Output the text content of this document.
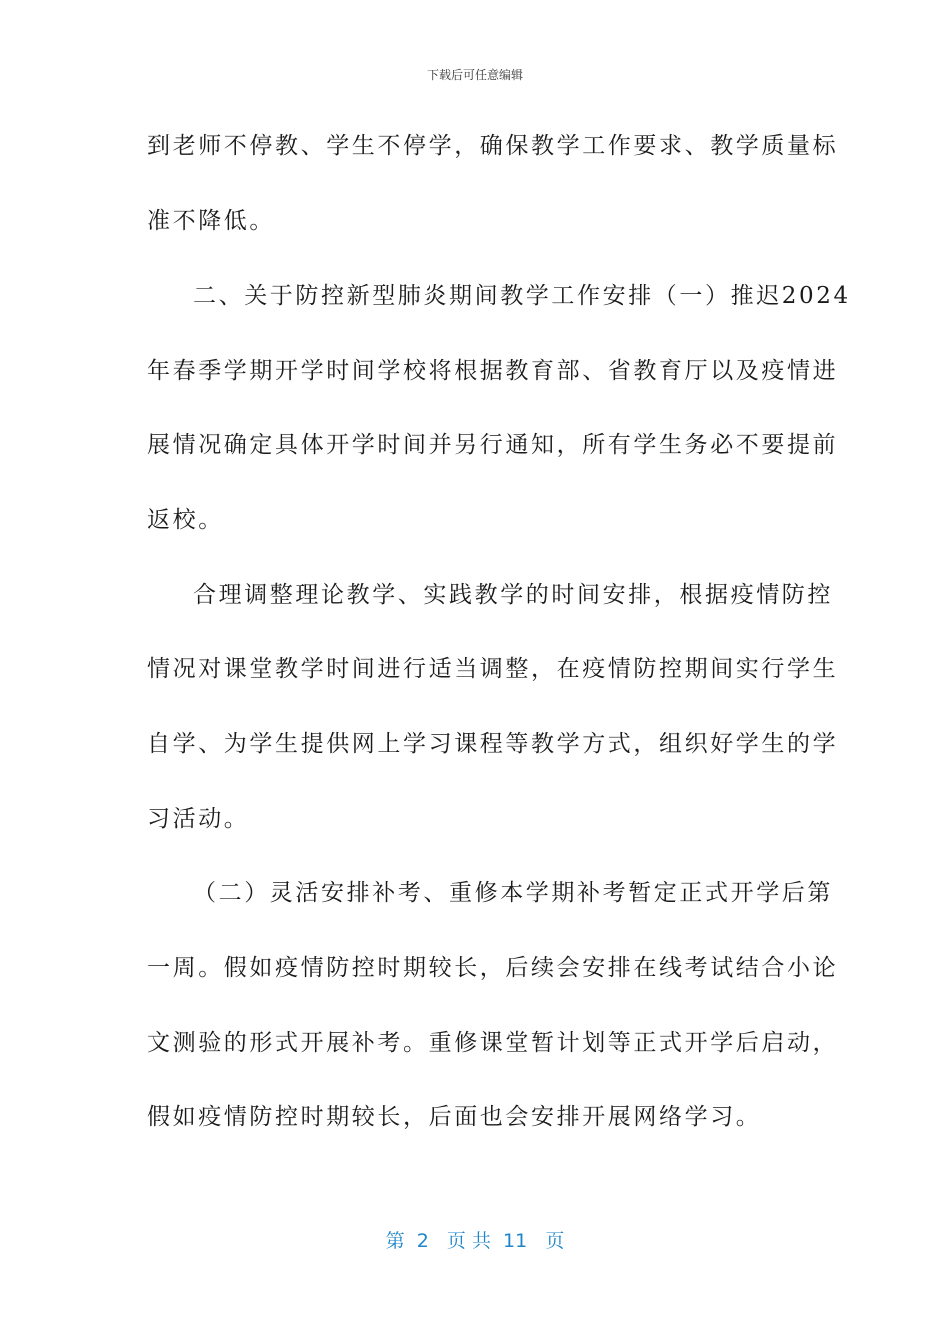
下载后可任意编辑
到老师不停教、学生不停学，确保教学工作要求、教学质量标
准不降低。
二、关于防控新型肺炎期间教学工作安排（一）推迟2024
年春季学期开学时间学校将根据教育部、省教育厅以及疫情进
展情况确定具体开学时间并另行通知，所有学生务必不要提前
返校。
合理调整理论教学、实践教学的时间安排，根据疫情防控
情况对课堂教学时间进行适当调整，在疫情防控期间实行学生
自学、为学生提供网上学习课程等教学方式，组织好学生的学
习活动。
（二）灵活安排补考、重修本学期补考暂定正式开学后第
一周。假如疫情防控时期较长，后续会安排在线考试结合小论
文测验的形式开展补考。重修课堂暂计划等正式开学后启动，
假如疫情防控时期较长，后面也会安排开展网络学习。
第  2   页 共  11   页
